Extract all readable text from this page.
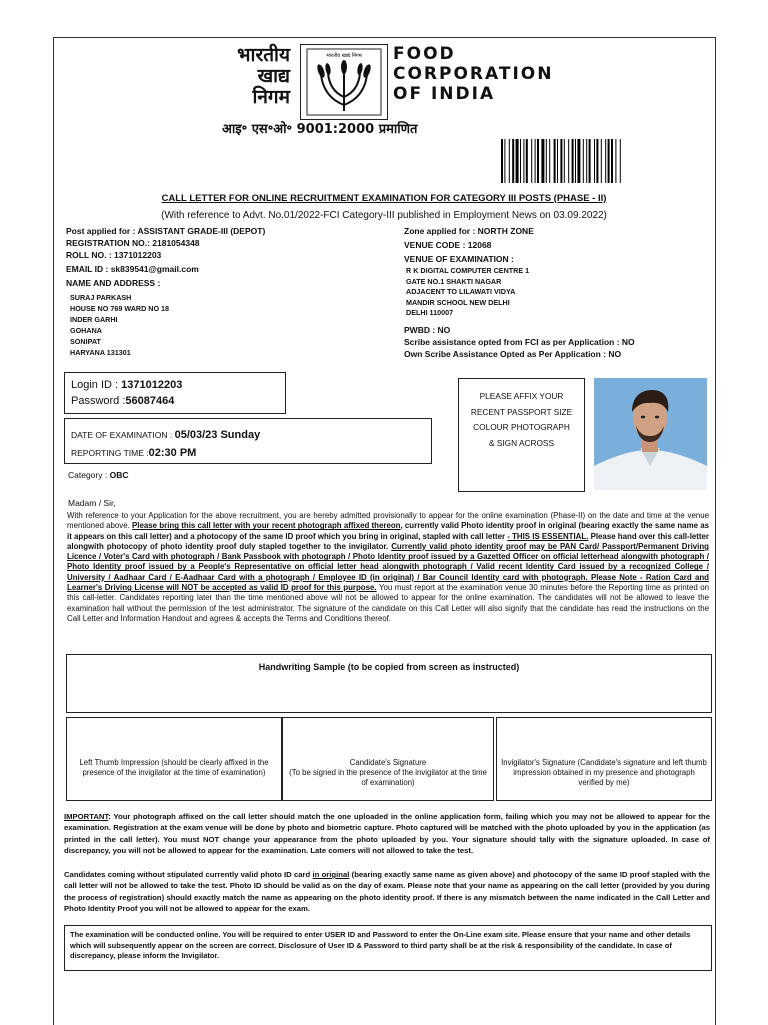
भारतीय
खाद्य
निगम
भारतीय खाद्य निगम FOOD
CORPORATION
OF INDIA
आइ॰ एस॰ओ॰ 9001:2000 प्रमाणित
CALL LETTER FOR ONLINE RECRUITMENT EXAMINATION FOR CATEGORY III POSTS (PHASE - II)
(With reference to Advt. No.01/2022-FCI Category-III published in Employment News on 03.09.2022)
Post applied for : ASSISTANT GRADE-III (DEPOT)
REGISTRATION NO.: 2181054348
ROLL NO. : 1371012203
EMAIL ID : sk839541@gmail.com
NAME AND ADDRESS :
SURAJ PARKASH
HOUSE NO 769 WARD NO 18
INDER GARHI
GOHANA
SONIPAT
HARYANA 131301
Zone applied for : NORTH ZONE
VENUE CODE : 12068
VENUE OF EXAMINATION :
R K DIGITAL COMPUTER CENTRE 1
GATE NO.1 SHAKTI NAGAR
ADJACENT TO LILAWATI VIDYA
MANDIR SCHOOL NEW DELHI
DELHI 110007
PWBD : NO
Scribe assistance opted from FCI as per Application : NO
Own Scribe Assistance Opted as Per Application : NO
Login ID : 1371012203
Password :56087464
DATE OF EXAMINATION : 05/03/23 Sunday
REPORTING TIME :02:30 PM
Category : OBC
PLEASE AFFIX YOUR
RECENT PASSPORT SIZE
COLOUR PHOTOGRAPH
& SIGN ACROSS
Madam / Sir,
With reference to your Application for the above recruitment, you are hereby admitted provisionally to appear for the online examination (Phase-II) on the date and time at the venue mentioned above. Please bring this call letter with your recent photograph affixed thereon, currently valid Photo identity proof in original (bearing exactly the same name as it appears on this call letter) and a photocopy of the same ID proof which you bring in original, stapled with call letter - THIS IS ESSENTIAL. Please hand over this call-letter alongwith photocopy of photo identity proof duly stapled together to the invigilator. Currently valid photo identity proof may be PAN Card/ Passport/Permanent Driving Licence / Voter's Card with photograph / Bank Passbook with photograph / Photo Identity proof issued by a Gazetted Officer on official letterhead alongwith photograph / Photo Identity proof issued by a People's Representative on official letter head alongwith photograph / Valid recent Identity Card issued by a recognized College / University / Aadhaar Card / E-Aadhaar Card with a photograph / Employee ID (in original) / Bar Council Identity card with photograph. Please Note - Ration Card and Learner's Driving License will NOT be accepted as valid ID proof for this purpose. You must report at the examination venue 30 minutes before the Reporting time as printed on this call-letter. Candidates reporting later than the time mentioned above will not be allowed to appear for the online examination. The candidates will not be allowed to leave the examination hall without the permission of the test administrator. The signature of the candidate on this Call Letter will also signify that the candidate has read the instructions on the Call Letter and Information Handout and agrees & accepts the Terms and Conditions thereof.
Handwriting Sample (to be copied from screen as instructed)
Left Thumb Impression (should be clearly affixed in the presence of the invigilator at the time of examination)
Candidate's Signature
(To be signed in the presence of the invigilator at the time of examination)
Invigilator's Signature (Candidate's signature and left thumb impression obtained in my presence and photograph verified by me)
IMPORTANT: Your photograph affixed on the call letter should match the one uploaded in the online application form, failing which you may not be allowed to appear for the examination. Registration at the exam venue will be done by photo and biometric capture. Photo captured will be matched with the photo uploaded by you in the application (as printed in the call letter). You must NOT change your appearance from the photo uploaded by you. Your signature should tally with the signature uploaded. In case of discrepancy, you will not be allowed to appear for the examination. Late comers will not allowed to take the test.
Candidates coming without stipulated currently valid photo ID card in original (bearing exactly same name as given above) and photocopy of the same ID proof stapled with the call letter will not be allowed to take the test. Photo ID should be valid as on the day of exam. Please note that your name as appearing on the call letter (provided by you during the process of registration) should exactly match the name as appearing on the photo identity proof. If there is any mismatch between the name indicated in the Call Letter and Photo Identity Proof you will not be allowed to appear for the exam.
The examination will be conducted online. You will be required to enter USER ID and Password to enter the On-Line exam site. Please ensure that your name and other details which will subsequently appear on the screen are correct. Disclosure of User ID & Password to third party shall be at the risk & responsibility of the candidate. In case of discrepancy, please inform the Invigilator.
